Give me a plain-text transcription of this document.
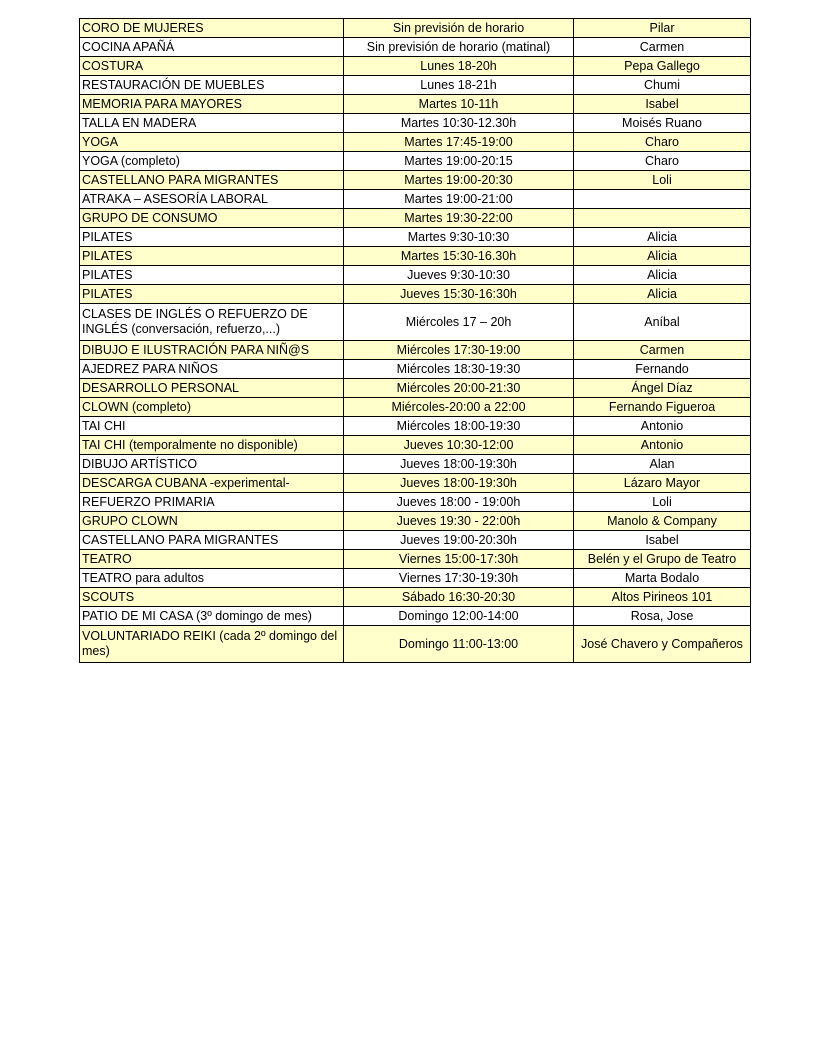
CORO DE MUJERES	Sin previsión de horario	Pilar
COCINA APAÑÁ	Sin previsión de horario (matinal)	Carmen
COSTURA	Lunes 18-20h	Pepa Gallego
RESTAURACIÓN DE MUEBLES	Lunes 18-21h	Chumi
MEMORIA PARA MAYORES	Martes 10-11h	Isabel
TALLA EN MADERA	Martes 10:30-12.30h	Moisés Ruano
YOGA	Martes 17:45-19:00	Charo
YOGA (completo)	Martes 19:00-20:15	Charo
CASTELLANO PARA MIGRANTES	Martes 19:00-20:30	Loli
ATRAKA – ASESORÍA LABORAL	Martes 19:00-21:00	
GRUPO DE CONSUMO	Martes 19:30-22:00	
PILATES	Martes 9:30-10:30	Alicia
PILATES	Martes 15:30-16.30h	Alicia
PILATES	Jueves 9:30-10:30	Alicia
PILATES	Jueves 15:30-16:30h	Alicia
CLASES DE INGLÉS O REFUERZO DE INGLÉS (conversación, refuerzo,...)	Miércoles 17 – 20h	Aníbal
DIBUJO E ILUSTRACIÓN PARA NIÑ@S	Miércoles 17:30-19:00	Carmen
AJEDREZ PARA NIÑOS	Miércoles 18:30-19:30	Fernando
DESARROLLO PERSONAL	Miércoles 20:00-21:30	Ángel Díaz
CLOWN (completo)	Miércoles-20:00 a 22:00	Fernando Figueroa
TAI CHI	Miércoles 18:00-19:30	Antonio
TAI CHI (temporalmente no disponible)	Jueves 10:30-12:00	Antonio
DIBUJO ARTÍSTICO	Jueves 18:00-19:30h	Alan
DESCARGA CUBANA -experimental-	Jueves 18:00-19:30h	Lázaro Mayor
REFUERZO PRIMARIA	Jueves 18:00 - 19:00h	Loli
GRUPO CLOWN	Jueves 19:30 - 22:00h	Manolo & Company
CASTELLANO PARA MIGRANTES	Jueves 19:00-20:30h	Isabel
TEATRO	Viernes 15:00-17:30h	Belén y el Grupo de Teatro
TEATRO para adultos	Viernes 17:30-19:30h	Marta Bodalo
SCOUTS	Sábado 16:30-20:30	Altos Pirineos 101
PATIO DE MI CASA (3º domingo de mes)	Domingo 12:00-14:00	Rosa, Jose
VOLUNTARIADO REIKI (cada 2º domingo del mes)	Domingo 11:00-13:00	José Chavero y Compañeros
